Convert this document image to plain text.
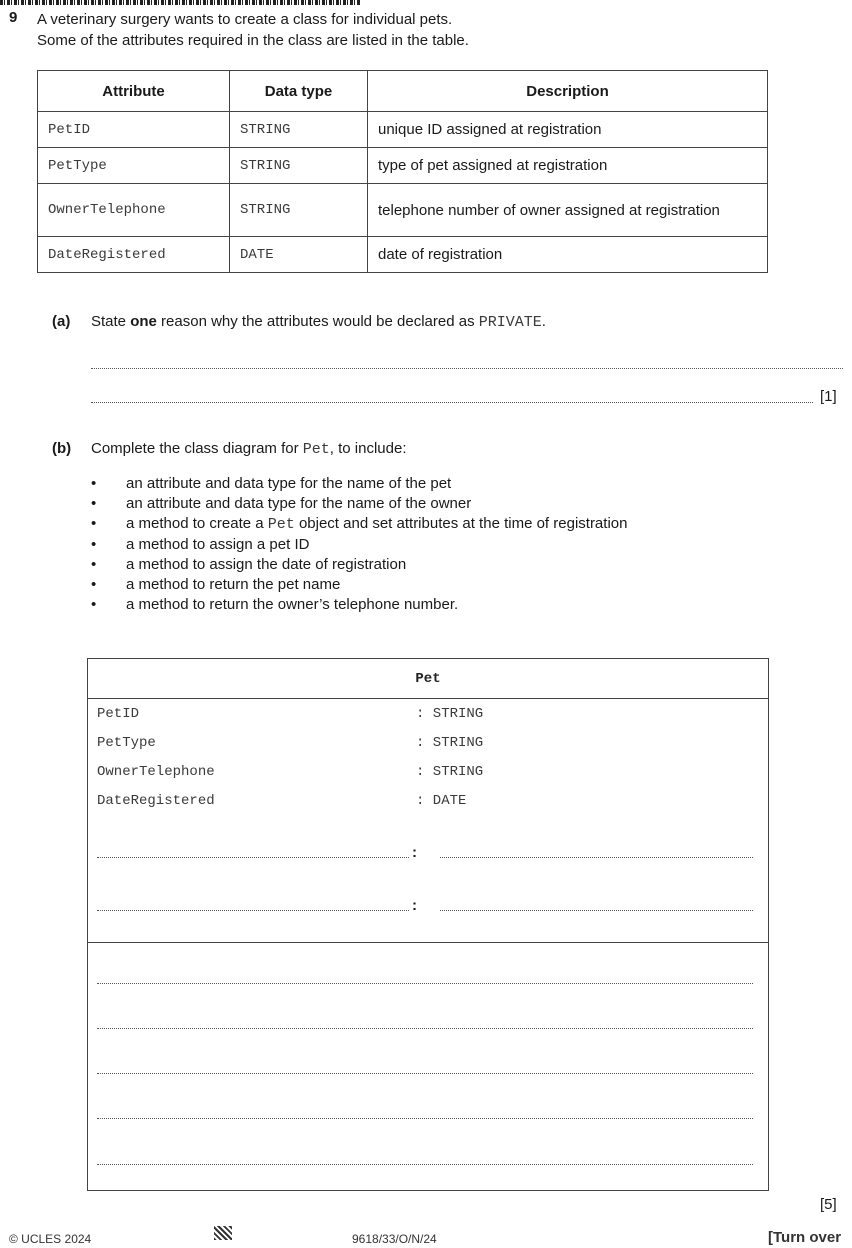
9 A veterinary surgery wants to create a class for individual pets.
Some of the attributes required in the class are listed in the table.
Attribute	Data type	Description
PetID	STRING	unique ID assigned at registration
PetType	STRING	type of pet assigned at registration
OwnerTelephone	STRING	telephone number of owner assigned at registration
DateRegistered	DATE	date of registration
(a) State one reason why the attributes would be declared as PRIVATE.
[1]
(b) Complete the class diagram for Pet, to include:
• an attribute and data type for the name of the pet
• an attribute and data type for the name of the owner
• a method to create a Pet object and set attributes at the time of registration
• a method to assign a pet ID
• a method to assign the date of registration
• a method to return the pet name
• a method to return the owner’s telephone number.
Pet
PetID	: STRING
PetType	: STRING
OwnerTelephone	: STRING
DateRegistered	: DATE
:
:
[5]
© UCLES 2024	9618/33/O/N/24	[Turn over
